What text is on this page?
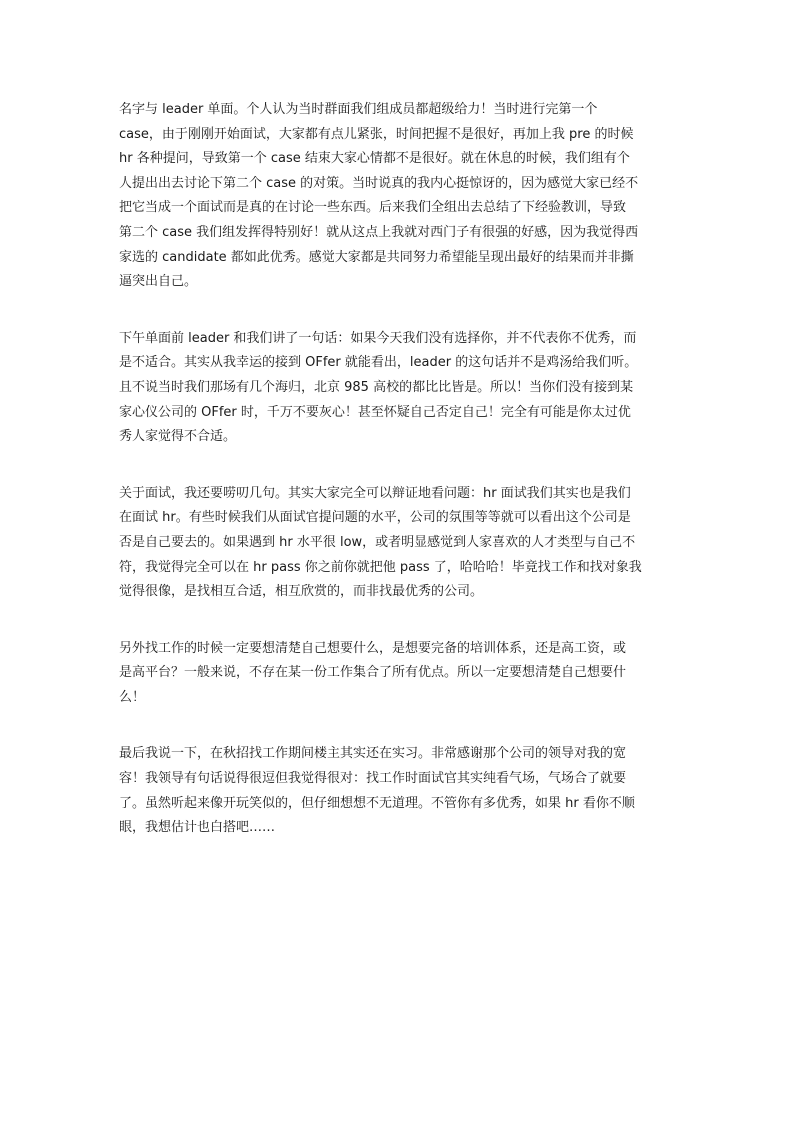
名字与 leader 单面。个人认为当时群面我们组成员都超级给力！当时进行完第一个
case，由于刚刚开始面试，大家都有点儿紧张，时间把握不是很好，再加上我 pre 的时候
hr 各种提问，导致第一个 case 结束大家心情都不是很好。就在休息的时候，我们组有个
人提出出去讨论下第二个 case 的对策。当时说真的我内心挺惊讶的，因为感觉大家已经不
把它当成一个面试而是真的在讨论一些东西。后来我们全组出去总结了下经验教训，导致
第二个 case 我们组发挥得特别好！就从这点上我就对西门子有很强的好感，因为我觉得西
家选的 candidate 都如此优秀。感觉大家都是共同努力希望能呈现出最好的结果而并非撕
逼突出自己。

下午单面前 leader 和我们讲了一句话：如果今天我们没有选择你，并不代表你不优秀，而
是不适合。其实从我幸运的接到 OFfer 就能看出，leader 的这句话并不是鸡汤给我们听。
且不说当时我们那场有几个海归，北京 985 高校的都比比皆是。所以！当你们没有接到某
家心仪公司的 OFfer 时，千万不要灰心！甚至怀疑自己否定自己！完全有可能是你太过优
秀人家觉得不合适。

关于面试，我还要唠叨几句。其实大家完全可以辩证地看问题：hr 面试我们其实也是我们
在面试 hr。有些时候我们从面试官提问题的水平，公司的氛围等等就可以看出这个公司是
否是自己要去的。如果遇到 hr 水平很 low，或者明显感觉到人家喜欢的人才类型与自己不
符，我觉得完全可以在 hr pass 你之前你就把他 pass 了，哈哈哈！毕竟找工作和找对象我
觉得很像，是找相互合适，相互欣赏的，而非找最优秀的公司。

另外找工作的时候一定要想清楚自己想要什么，是想要完备的培训体系，还是高工资，或
是高平台？一般来说，不存在某一份工作集合了所有优点。所以一定要想清楚自己想要什
么！

最后我说一下，在秋招找工作期间楼主其实还在实习。非常感谢那个公司的领导对我的宽
容！我领导有句话说得很逗但我觉得很对：找工作时面试官其实纯看气场，气场合了就要
了。虽然听起来像开玩笑似的，但仔细想想不无道理。不管你有多优秀，如果 hr 看你不顺
眼，我想估计也白搭吧……
